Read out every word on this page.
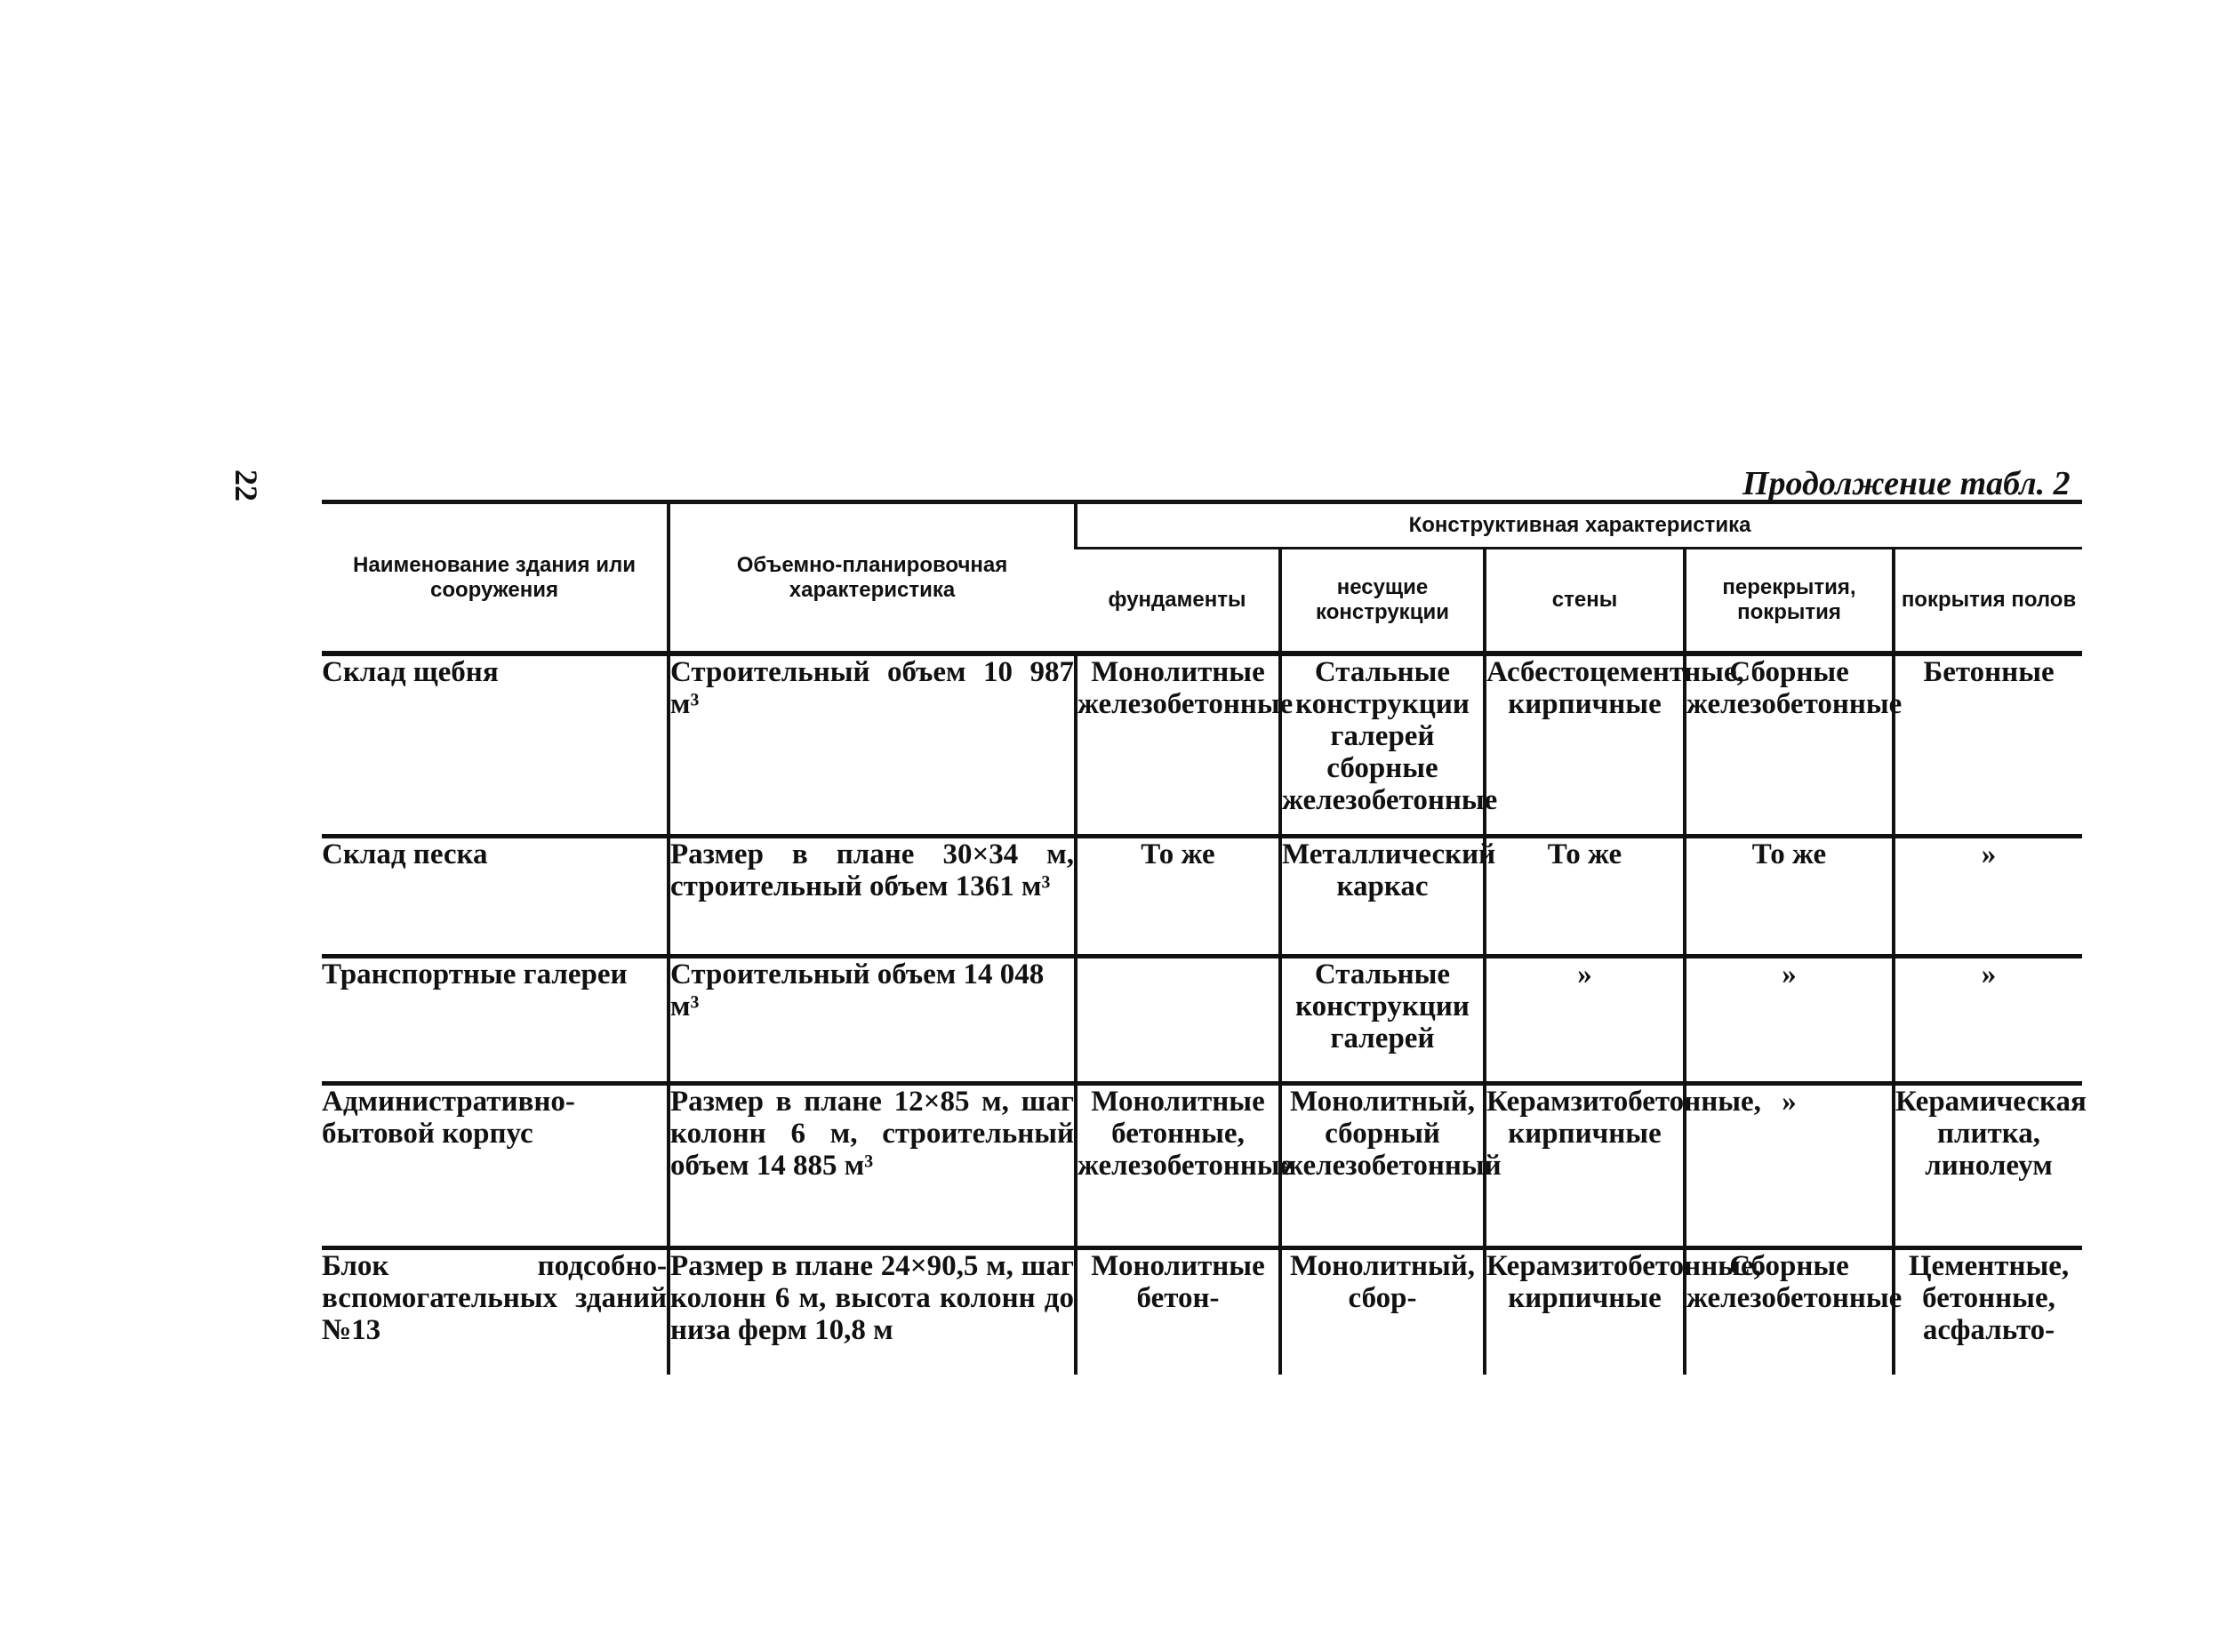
22	Продолжение табл. 2
Наименование здания или сооружения	Объемно-планировочная характеристика	Конструктивная характеристика				
		фундаменты	несущие конструкции	стены	перекрытия, покрытия	покрытия полов
Склад щебня	Строительный объем 10 987 м³	Монолитные железобетонные	Стальные конструкции галерей сборные железобетонные	Асбестоцементные, кирпичные	Сборные железобетонные	Бетонные
Склад песка	Размер в плане 30×34 м, строительный объем 1361 м³	То же	Металлический каркас	То же	То же	»
Транспортные галереи	Строительный объем 14 048 м³		Стальные конструкции галерей	»	»	»
Административно-бытовой корпус	Размер в плане 12×85 м, шаг колонн 6 м, строительный объем 14 885 м³	Монолитные бетонные, железобетонные	Монолитный, сборный железобетонный	Керамзитобетонные, кирпичные	»	Керамическая плитка, линолеум
Блок подсобно-вспомогательных зданий №13	Размер в плане 24×90,5 м, шаг колонн 6 м, высота колонн до низа ферм 10,8 м	Монолитные бетон-	Монолитный, сбор-	Керамзитобетонные, кирпичные	Сборные железобетонные	Цементные, бетонные, асфальто-
